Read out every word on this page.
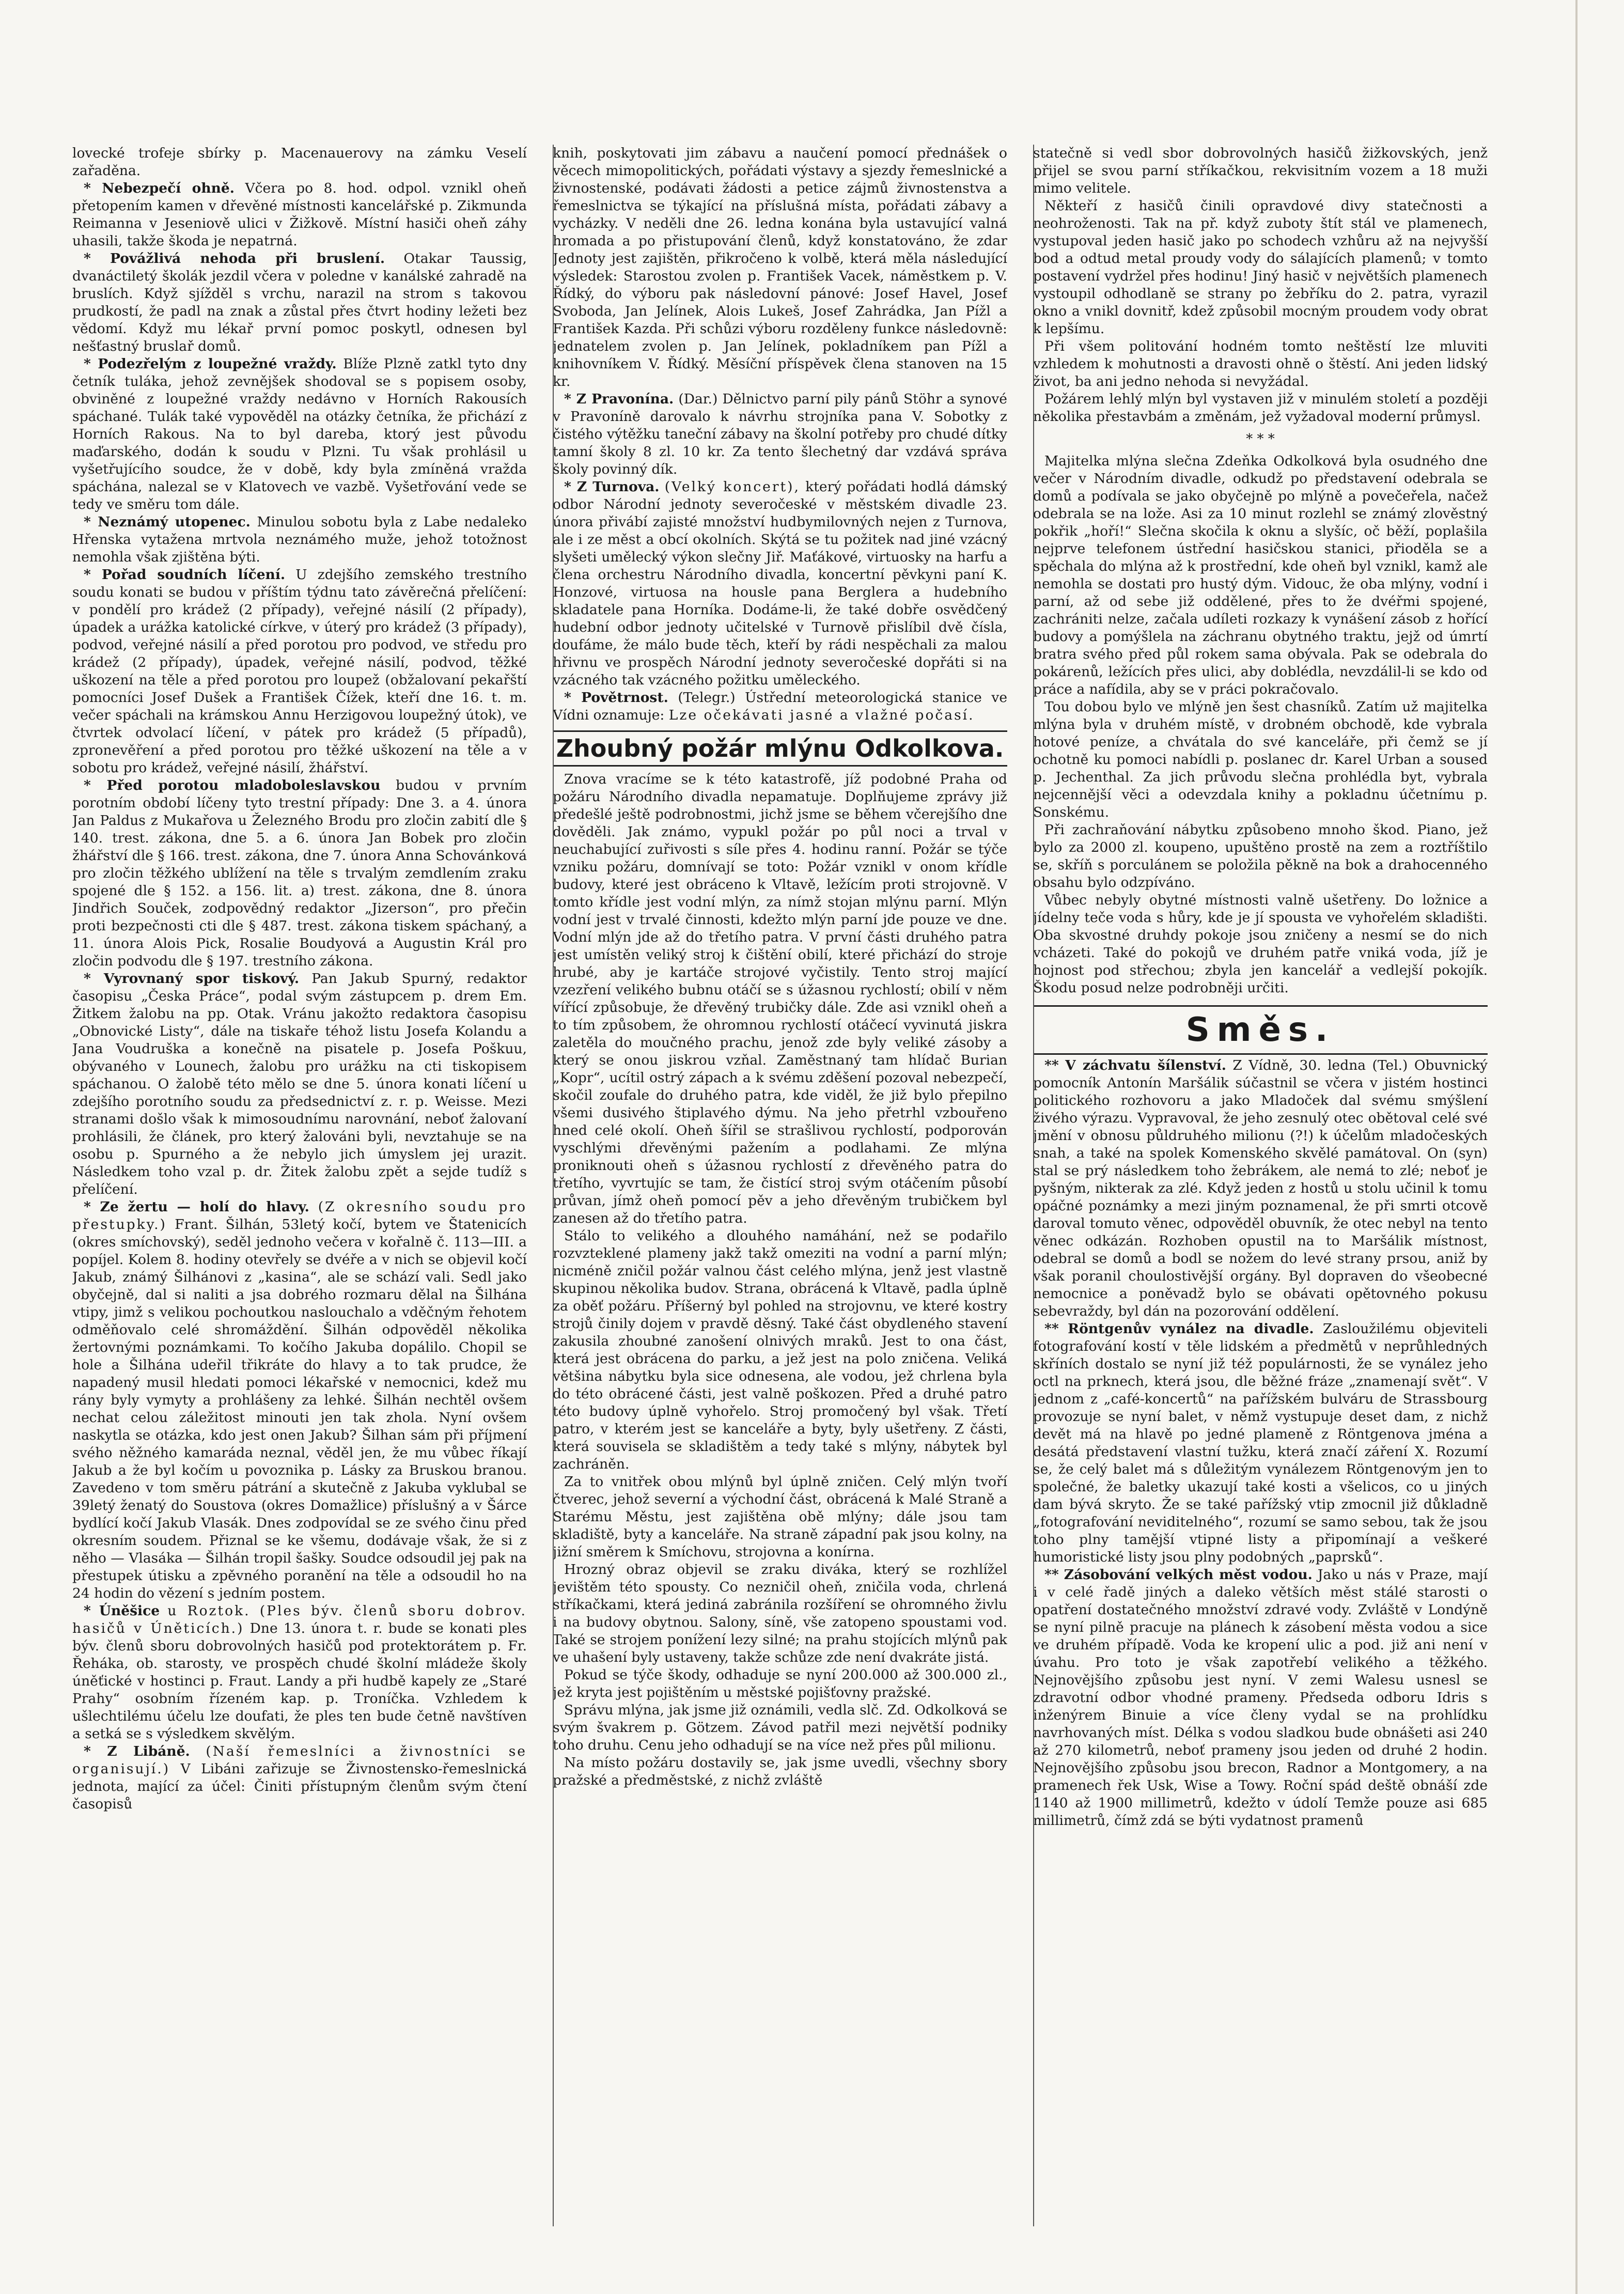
lovecké trofeje sbírky p. Macenauerovy na zámku Veselí zařaděna.

* Nebezpečí ohně. Včera po 8. hod. odpol. vznikl oheň přetopením kamen v dřevěné místnosti kancelářské p. Zikmunda Reimanna v Jeseniově ulici v Žižkově. Místní hasiči oheň záhy uhasili, takže škoda je nepatrná.

* Povážlivá nehoda při bruslení. Otakar Taussig, dvanáctiletý školák jezdil včera v poledne v kanálské zahradě na bruslích. Když sjížděl s vrchu, narazil na strom s takovou prudkostí, že padl na znak a zůstal přes čtvrt hodiny ležeti bez vědomí. Když mu lékař první pomoc poskytl, odnesen byl nešťastný bruslař domů.

* Podezřelým z loupežné vraždy. Blíže Plzně zatkl tyto dny četník tuláka, jehož zevnějšek shodoval se s popisem osoby, obviněné z loupežné vraždy nedávno v Horních Rakousích spáchané. Tulák také vypověděl na otázky četníka, že přichází z Horních Rakous. Na to byl dareba, ktorý jest původu maďarského, dodán k soudu v Plzni. Tu však prohlásil u vyšetřujícího soudce, že v době, kdy byla zmíněná vražda spáchána, nalezal se v Klatovech ve vazbě. Vyšetřování vede se tedy ve směru tom dále.

* Neznámý utopenec. Minulou sobotu byla z Labe nedaleko Hřenska vytažena mrtvola neznámého muže, jehož totožnost nemohla však zjištěna býti.

* Pořad soudních líčení. U zdejšího zemského trestního soudu konati se budou v příštím týdnu tato závěrečná přelíčení: v pondělí pro krádež (2 případy), veřejné násilí (2 případy), úpadek a urážka katolické církve, v úterý pro krádež (3 případy), podvod, veřejné násilí a před porotou pro podvod, ve středu pro krádež (2 případy), úpadek, veřejné násilí, podvod, těžké uškození na těle a před porotou pro loupež (obžalovaní pekařští pomocníci Josef Dušek a František Čížek, kteří dne 16. t. m. večer spáchali na krámskou Annu Herzigovou loupežný útok), ve čtvrtek odvolací líčení, v pátek pro krádež (5 případů), zpronevěření a před porotou pro těžké uškození na těle a v sobotu pro krádež, veřejné násilí, žhářství.

* Před porotou mladoboleslavskou budou v prvním porotním období líčeny tyto trestní případy: Dne 3. a 4. února Jan Paldus z Mukařova u Železného Brodu pro zločin zabití dle § 140. trest. zákona, dne 5. a 6. února Jan Bobek pro zločin žhářství dle § 166. trest. zákona, dne 7. února Anna Schovánková pro zločin těžkého ublížení na těle s trvalým zemdlením zraku spojené dle § 152. a 156. lit. a) trest. zákona, dne 8. února Jindřich Souček, zodpovědný redaktor „Jizerson“, pro přečin proti bezpečnosti cti dle § 487. trest. zákona tiskem spáchaný, a 11. února Alois Pick, Rosalie Boudyová a Augustin Král pro zločin podvodu dle § 197. trestního zákona.

* Vyrovnaný spor tiskový. Pan Jakub Spurný, redaktor časopisu „Česka Práce“, podal svým zástupcem p. drem Em. Žitkem žalobu na pp. Otak. Vránu jakožto redaktora časopisu „Obnovické Listy“, dále na tiskaře téhož listu Josefa Kolandu a Jana Voudruška a konečně na pisatele p. Josefa Poškuu, obývaného v Lounech, žalobu pro urážku na cti tiskopisem spáchanou. O žalobě této mělo se dne 5. února konati líčení u zdejšího porotního soudu za předsednictví z. r. p. Weisse. Mezi stranami došlo však k mimosoudnímu narovnání, neboť žalovaní prohlásili, že článek, pro který žalováni byli, nevztahuje se na osobu p. Spurného a že nebylo jich úmyslem jej urazit. Následkem toho vzal p. dr. Žitek žalobu zpět a sejde tudíž s přelíčení.

* Ze žertu — holí do hlavy. (Z okresního soudu pro přestupky.) Frant. Šilhán, 53letý kočí, bytem ve Štatenicích (okres smíchovský), seděl jednoho večera v kořalně č. 113—III. a popíjel. Kolem 8. hodiny otevřely se dvéře a v nich se objevil kočí Jakub, známý Šilhánovi z „kasina“, ale se schází vali. Sedl jako obyčejně, dal si naliti a jsa dobrého rozmaru dělal na Šilhána vtipy, jimž s velikou pochoutkou naslouchalo a vděčným řehotem odměňovalo celé shromáždění. Šilhán odpověděl několika žertovnými poznámkami. To kočího Jakuba dopálilo. Chopil se hole a Šilhána udeřil třikráte do hlavy a to tak prudce, že napadený musil hledati pomoci lékařské v nemocnici, kdež mu rány byly vymyty a prohlášeny za lehké. Šilhán nechtěl ovšem nechat celou záležitost minouti jen tak zhola. Nyní ovšem naskytla se otázka, kdo jest onen Jakub? Šilhan sám při příjmení svého něžného kamaráda neznal, věděl jen, že mu vůbec říkají Jakub a že byl kočím u povoznika p. Lásky za Bruskou branou. Zavedeno v tom směru pátrání a skutečně z Jakuba vyklubal se 39letý ženatý do Soustova (okres Domažlice) příslušný a v Šárce bydlící kočí Jakub Vlasák. Dnes zodpovídal se ze svého činu před okresním soudem. Přiznal se ke všemu, dodávaje však, že si z něho — Vlasáka — Šilhán tropil šašky. Soudce odsoudil jej pak na přestupek útisku a zpěvného poranění na těle a odsoudil ho na 24 hodin do vězení s jedním postem.

* Úněšice u Roztok. (Ples býv. členů sboru dobrov. hasičů v Úněticích.) Dne 13. února t. r. bude se konati ples býv. členů sboru dobrovolných hasičů pod protektorátem p. Fr. Řeháka, ob. starosty, ve prospěch chudé školní mládeže školy úněťické v hostinci p. Fraut. Landy a při hudbě kapely ze „Staré Prahy“ osobním řízeném kap. p. Troníčka. Vzhledem k ušlechtilému účelu lze doufati, že ples ten bude četně navštíven a setká se s výsledkem skvělým.

* Z Libáně. (Naší řemeslníci a živnostníci se organisují.) V Libáni zařizuje se Živnostensko-řemeslnická jednota, mající za účel: Činiti přístupným členům svým čtení časopisů

knih, poskytovati jim zábavu a naučení pomocí přednášek o věcech mimopolitických, pořádati výstavy a sjezdy řemeslnické a živnostenské, podávati žádosti a petice zájmů živnostenstva a řemeslnictva se týkající na příslušná místa, pořádati zábavy a vycházky. V neděli dne 26. ledna konána byla ustavující valná hromada a po přistupování členů, když konstatováno, že zdar Jednoty jest zajištěn, přikročeno k volbě, která měla následující výsledek: Starostou zvolen p. František Vacek, náměstkem p. V. Řídký, do výboru pak následovní pánové: Josef Havel, Josef Svoboda, Jan Jelínek, Alois Lukeš, Josef Zahrádka, Jan Pížl a František Kazda. Při schůzi výboru rozděleny funkce následovně: jednatelem zvolen p. Jan Jelínek, pokladníkem pan Pížl a knihovníkem V. Řídký. Měsíční příspěvek člena stanoven na 15 kr.

* Z Pravonína. (Dar.) Dělnictvo parní pily pánů Stöhr a synové v Pravoníně darovalo k návrhu strojníka pana V. Sobotky z čistého výtěžku taneční zábavy na školní potřeby pro chudé dítky tamní školy 8 zl. 10 kr. Za tento šlechetný dar vzdává správa školy povinný dík.

* Z Turnova. (Velký koncert), který pořádati hodlá dámský odbor Národní jednoty severočeské v městském divadle 23. února přivábí zajisté množství hudbymilovných nejen z Turnova, ale i ze měst a obcí okolních. Skýtá se tu požitek nad jiné vzácný slyšeti umělecký výkon slečny Jiř. Maťákové, virtuosky na harfu a člena orchestru Národního divadla, koncertní pěvkyni paní K. Honzové, virtuosa na housle pana Berglera a hudebního skladatele pana Horníka. Dodáme-li, že také dobře osvědčený hudební odbor jednoty učitelské v Turnově přislíbil dvě čísla, doufáme, že málo bude těch, kteří by rádi nespěchali za malou hřivnu ve prospěch Národní jednoty severočeské dopřáti si na vzácného tak vzácného požitku uměleckého.

* Povětrnost. (Telegr.) Ústřední meteorologická stanice ve Vídni oznamuje: Lze očekávati jasné a vlažné počasí.

Zhoubný požár mlýnu Odkolkova.

Znova vracíme se k této katastrofě, jíž podobné Praha od požáru Národního divadla nepamatuje. Doplňujeme zprávy již předešlé ještě podrobnostmi, jichž jsme se během včerejšího dne dověděli. Jak známo, vypukl požár po půl noci a trval v neuchabující zuřivosti s síle přes 4. hodinu ranní. Požár se týče vzniku požáru, domnívají se toto: Požár vznikl v onom křídle budovy, které jest obráceno k Vltavě, ležícím proti strojovně. V tomto křídle jest vodní mlýn, za nímž stojan mlýnu parní. Mlýn vodní jest v trvalé činnosti, kdežto mlýn parní jde pouze ve dne. Vodní mlýn jde až do třetího patra. V první části druhého patra jest umístěn veliký stroj k čištění obilí, které přichází do stroje hrubé, aby je kartáče strojové vyčistily. Tento stroj mající vzezření velikého bubnu otáčí se s úžasnou rychlostí; obilí v něm vířící způsobuje, že dřevěný trubičky dále. Zde asi vznikl oheň a to tím způsobem, že ohromnou rychlostí otáčecí vyvinutá jiskra zaletěla do moučného prachu, jenož zde byly veliké zásoby a který se onou jiskrou vzňal. Zaměstnaný tam hlídač Burian „Kopr“, ucítil ostrý zápach a k svému zděšení pozoval nebezpečí, skočil zoufale do druhého patra, kde viděl, že již bylo přepilno všemi dusivého štiplavého dýmu. Na jeho přetrhl vzbouřeno hned celé okolí. Oheň šířil se strašlivou rychlostí, podporován vyschlými dřevěnými pažením a podlahami. Ze mlýna proniknouti oheň s úžasnou rychlostí z dřevěného patra do třetího, vyvrtujíc se tam, že čistící stroj svým otáčením působí průvan, jímž oheň pomocí pěv a jeho dřevěným trubičkem byl zanesen až do třetího patra.

Stálo to velikého a dlouhého namáhání, než se podařilo rozvzteklené plameny jakž takž omeziti na vodní a parní mlýn; nicméně zničil požár valnou část celého mlýna, jenž jest vlastně skupinou několika budov. Strana, obrácená k Vltavě, padla úplně za oběť požáru. Příšerný byl pohled na strojovnu, ve které kostry strojů činily dojem v pravdě děsný. Také část obydleného stavení zakusila zhoubné zanošení olnivých mraků. Jest to ona část, která jest obrácena do parku, a jež jest na polo zničena. Veliká většina nábytku byla sice odnesena, ale vodou, jež chrlena byla do této obrácené části, jest valně poškozen. Před a druhé patro této budovy úplně vyhořelo. Stroj promočený byl však. Třetí patro, v kterém jest se kanceláře a byty, byly ušetřeny. Z části, která souvisela se skladištěm a tedy také s mlýny, nábytek byl zachráněn.

Za to vnitřek obou mlýnů byl úplně zničen. Celý mlýn tvoří čtverec, jehož severní a východní část, obrácená k Malé Straně a Starému Městu, jest zajištěna obě mlýny; dále jsou tam skladiště, byty a kanceláře. Na straně západní pak jsou kolny, na jižní směrem k Smíchovu, strojovna a konírna.

Hrozný obraz objevil se zraku diváka, který se rozhlížel jevištěm této spousty. Co nezničil oheň, zničila voda, chrlená stříkačkami, která jediná zabránila rozšíření se ohromného živlu i na budovy obytnou. Salony, síně, vše zatopeno spoustami vod. Také se strojem ponížení lezy silné; na prahu stojících mlýnů pak ve uhašení byly ustaveny, takže schůze zde není dvakráte jistá.

Pokud se týče škody, odhaduje se nyní 200.000 až 300.000 zl., jež kryta jest pojištěním u městské pojišťovny pražské.

Správu mlýna, jak jsme již oznámili, vedla slč. Zd. Odkolková se svým švakrem p. Götzem. Závod patřil mezi největší podniky toho druhu. Cenu jeho odhadují se na více než přes půl milionu.

Na místo požáru dostavily se, jak jsme uvedli, všechny sbory pražské a předměstské, z nichž zvláště

statečně si vedl sbor dobrovolných hasičů žižkovských, jenž přijel se svou parní stříkačkou, rekvisitním vozem a 18 muži mimo velitele.

Někteří z hasičů činili opravdové divy statečnosti a neohroženosti. Tak na př. když zuboty štít stál ve plamenech, vystupoval jeden hasič jako po schodech vzhůru až na nejvyšší bod a odtud metal proudy vody do sálajících plamenů; v tomto postavení vydržel přes hodinu! Jiný hasič v největších plamenech vystoupil odhodlaně se strany po žebříku do 2. patra, vyrazil okno a vnikl dovnitř, kdež způsobil mocným proudem vody obrat k lepšímu.

Při všem politování hodném tomto neštěstí lze mluviti vzhledem k mohutnosti a dravosti ohně o štěstí. Ani jeden lidský život, ba ani jedno nehoda si nevyžádal.

Požárem lehlý mlýn byl vystaven již v minulém století a později několika přestavbám a změnám, jež vyžadoval moderní průmysl.

* * *

Majitelka mlýna slečna Zdeňka Odkolková byla osudného dne večer v Národním divadle, odkudž po představení odebrala se domů a podívala se jako obyčejně po mlýně a povečeřela, načež odebrala se na lože. Asi za 10 minut rozlehl se známý zlověstný pokřik „hoří!“ Slečna skočila k oknu a slyšíc, oč běží, poplašila nejprve telefonem ústřední hasičskou stanici, přioděla se a spěchala do mlýna až k prostřední, kde oheň byl vznikl, kamž ale nemohla se dostati pro hustý dým. Vidouc, že oba mlýny, vodní i parní, až od sebe již oddělené, přes to že dvéřmi spojené, zachrániti nelze, začala udíleti rozkazy k vynášení zásob z hořící budovy a pomýšlela na záchranu obytného traktu, jejž od úmrtí bratra svého před půl rokem sama obývala. Pak se odebrala do pokárenů, ležících přes ulici, aby doblédla, nevzdálil-li se kdo od práce a nafídila, aby se v práci pokračovalo.

Tou dobou bylo ve mlýně jen šest chasníků. Zatím už majitelka mlýna byla v druhém místě, v drobném obchodě, kde vybrala hotové peníze, a chvátala do své kanceláře, při čemž se jí ochotně ku pomoci nabídli p. poslanec dr. Karel Urban a soused p. Jechenthal. Za jich průvodu slečna prohlédla byt, vybrala nejcennější věci a odevzdala knihy a pokladnu účetnímu p. Sonskému.

Při zachraňování nábytku způsobeno mnoho škod. Piano, jež bylo za 2000 zl. koupeno, upuštěno prostě na zem a roztříštilo se, skříň s porculánem se položila pěkně na bok a drahocenného obsahu bylo odzpíváno.

Vůbec nebyly obytné místnosti valně ušetřeny. Do ložnice a jídelny teče voda s hůry, kde je jí spousta ve vyhořelém skladišti. Oba skvostné druhdy pokoje jsou zničeny a nesmí se do nich vcházeti. Také do pokojů ve druhém patře vniká voda, jíž je hojnost pod střechou; zbyla jen kancelář a vedlejší pokojík. Škodu posud nelze podrobněji určiti.

Směs.

** V záchvatu šílenství. Z Vídně, 30. ledna (Tel.) Obuvnický pomocník Antonín Maršálik súčastnil se včera v jistém hostinci politického rozhovoru a jako Mladoček dal svému smýšlení živého výrazu. Vypravoval, že jeho zesnulý otec obětoval celé své jmění v obnosu půldruhého milionu (?!) k účelům mladočeských snah, a také na spolek Komenského skvělé památoval. On (syn) stal se prý následkem toho žebrákem, ale nemá to zlé; neboť je pyšným, nikterak za zlé. Když jeden z hostů u stolu učinil k tomu opáčné poznámky a mezi jiným poznamenal, že při smrti otcově daroval tomuto věnec, odpověděl obuvník, že otec nebyl na tento věnec odkázán. Rozhoben opustil na to Maršálik místnost, odebral se domů a bodl se nožem do levé strany prsou, aniž by však poranil choulostivější orgány. Byl dopraven do všeobecné nemocnice a poněvadž bylo se obávati opětovného pokusu sebevraždy, byl dán na pozorování oddělení.

** Röntgenův vynález na divadle. Zasloužilému objeviteli fotografování kostí v těle lidském a předmětů v neprůhledných skříních dostalo se nyní již též populárnosti, že se vynález jeho octl na prknech, která jsou, dle běžné fráze „znamenají svět“. V jednom z „café-koncertů“ na pařížském bulváru de Strassbourg provozuje se nyní balet, v němž vystupuje deset dam, z nichž devět má na hlavě po jedné plameně z Röntgenova jména a desátá představení vlastní tužku, která značí záření X. Rozumí se, že celý balet má s důležitým vynálezem Röntgenovým jen to společné, že baletky ukazují také kosti a všelicos, co u jiných dam bývá skryto. Že se také pařížský vtip zmocnil již důkladně „fotografování neviditelného“, rozumí se samo sebou, tak že jsou toho plny tamější vtipné listy a připomínají a veškeré humoristické listy jsou plny podobných „paprsků“.

** Zásobování velkých měst vodou. Jako u nás v Praze, mají i v celé řadě jiných a daleko větších měst stálé starosti o opatření dostatečného množství zdravé vody. Zvláště v Londýně se nyní pilně pracuje na plánech k zásobení města vodou a sice ve druhém případě. Voda ke kropení ulic a pod. již ani není v úvahu. Pro toto je však zapotřebí velikého a těžkého. Nejnovějšího způsobu jest nyní. V zemi Walesu usnesl se zdravotní odbor vhodné prameny. Předseda odboru Idris s inženýrem Binuie a více členy vydal se na prohlídku navrhovaných míst. Délka s vodou sladkou bude obnášeti asi 240 až 270 kilometrů, neboť prameny jsou jeden od druhé 2 hodin. Nejnovějšího způsobu jsou brecon, Radnor a Montgomery, a na pramenech řek Usk, Wise a Towy. Roční spád deště obnáší zde 1140 až 1900 millimetrů, kdežto v údolí Temže pouze asi 685 millimetrů, čímž zdá se býti vydatnost pramenů
